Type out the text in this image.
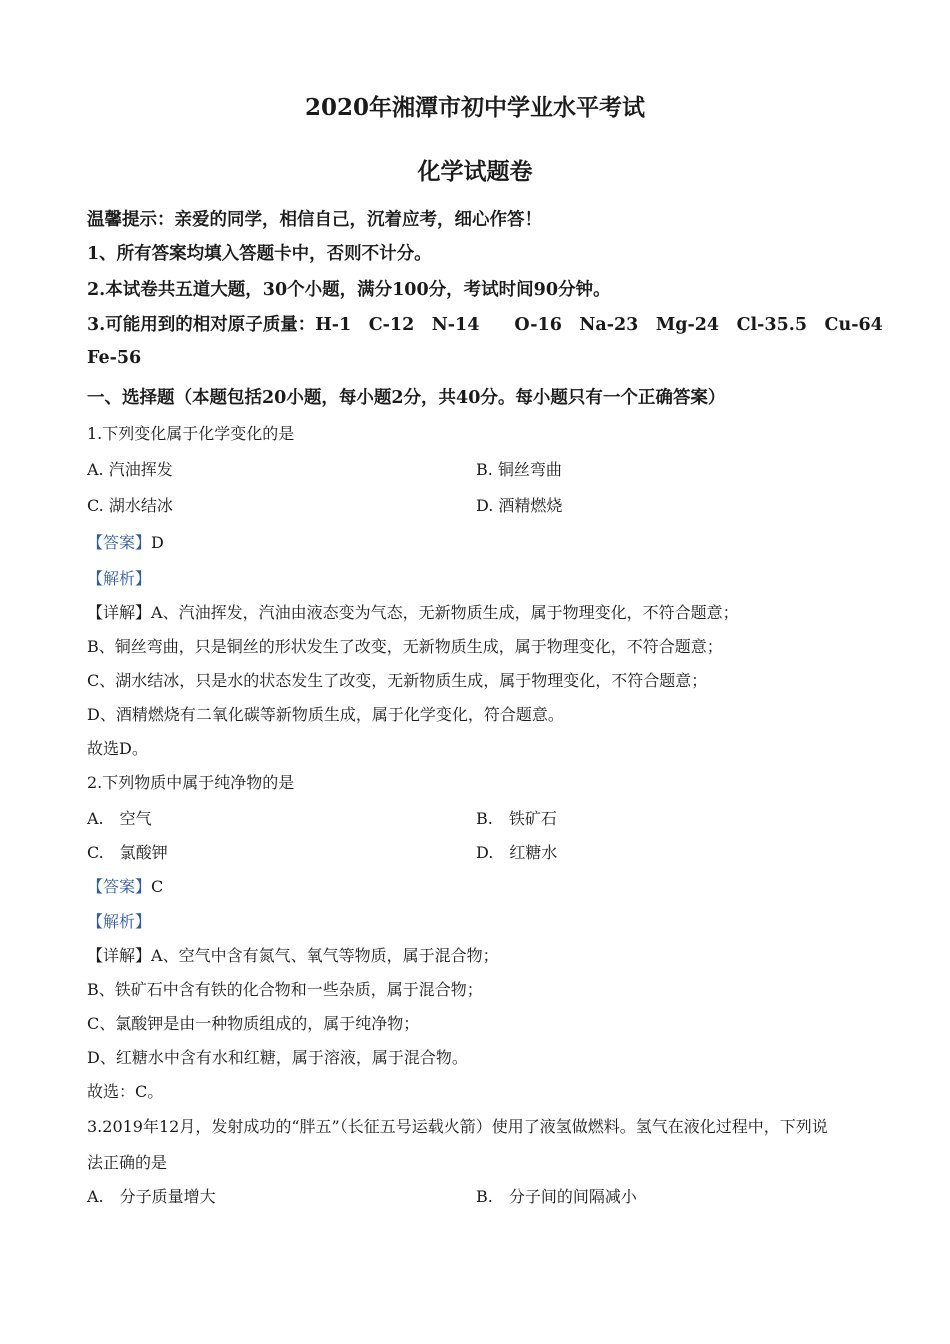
2020年湘潭市初中学业水平考试
化学试题卷
温馨提示：亲爱的同学，相信自己，沉着应考，细心作答！
1、所有答案均填入答题卡中，否则不计分。
2.本试卷共五道大题，30个小题，满分100分，考试时间90分钟。
3.可能用到的相对原子质量：H-1　C-12　N-14　　O-16　Na-23　Mg-24　Cl-35.5　Cu-64
Fe-56
一、选择题（本题包括20小题，每小题2分，共40分。每小题只有一个正确答案）
1.下列变化属于化学变化的是
A. 汽油挥发	B. 铜丝弯曲
C. 湖水结冰	D. 酒精燃烧
【答案】D
【解析】
【详解】A、汽油挥发，汽油由液态变为气态，无新物质生成，属于物理变化，不符合题意；
B、铜丝弯曲，只是铜丝的形状发生了改变，无新物质生成，属于物理变化，不符合题意；
C、湖水结冰，只是水的状态发生了改变，无新物质生成，属于物理变化，不符合题意；
D、酒精燃烧有二氧化碳等新物质生成，属于化学变化，符合题意。
故选D。
2.下列物质中属于纯净物的是
A.　空气	B.　铁矿石
C.　氯酸钾	D.　红糖水
【答案】C
【解析】
【详解】A、空气中含有氮气、氧气等物质，属于混合物；
B、铁矿石中含有铁的化合物和一些杂质，属于混合物；
C、氯酸钾是由一种物质组成的，属于纯净物；
D、红糖水中含有水和红糖，属于溶液，属于混合物。
故选：C。
3.2019年12月，发射成功的“胖五”（长征五号运载火箭）使用了液氢做燃料。氢气在液化过程中，下列说
法正确的是
A.　分子质量增大	B.　分子间的间隔减小
